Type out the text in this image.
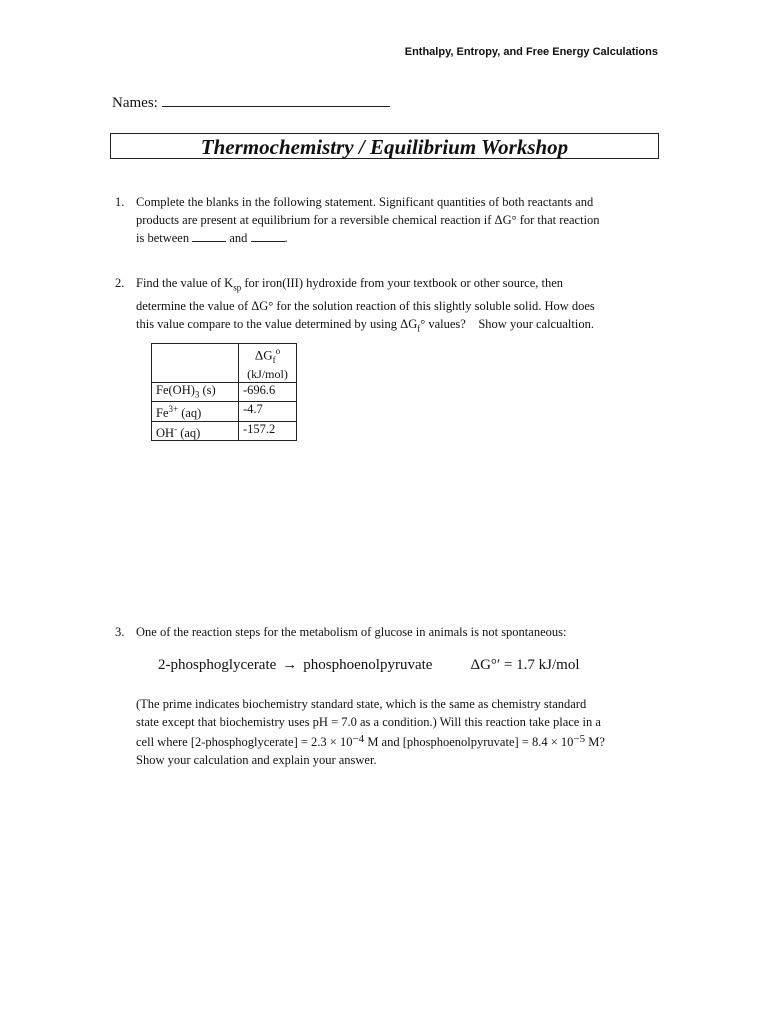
Enthalpy, Entropy, and Free Energy Calculations
Names:
Thermochemistry / Equilibrium Workshop
1. Complete the blanks in the following statement. Significant quantities of both reactants and
products are present at equilibrium for a reversible chemical reaction if ΔG° for that reaction
is between	and	.
2. Find the value of $K_{sp}$ for iron(III) hydroxide from your textbook or other source, then
determine the value of ΔG° for the solution reaction of this slightly soluble solid. How does
this value compare to the value determined by using $\Delta G_f^\circ$ values? Show your calcualtion.
	$\Delta G_f^o$
	(kJ/mol)
$Fe(OH)_3$ (s)	-696.6
$Fe^{3+}$ (aq)	-4.7
OH- (aq)	-157.2
3. One of the reaction steps for the metabolism of glucose in animals is not spontaneous:
2-phosphoglycerate → phosphoenolpyruvate	ΔG°′ = 1.7 kJ/mol
(The prime indicates biochemistry standard state, which is the same as chemistry standard
state except that biochemistry uses pH = 7.0 as a condition.) Will this reaction take place in a
cell where [2-phosphoglycerate] = $2.3 \times 10^{-4}$ M and [phosphoenolpyruvate] = $8.4 \times 10^{-5}$ M?
Show your calculation and explain your answer.
